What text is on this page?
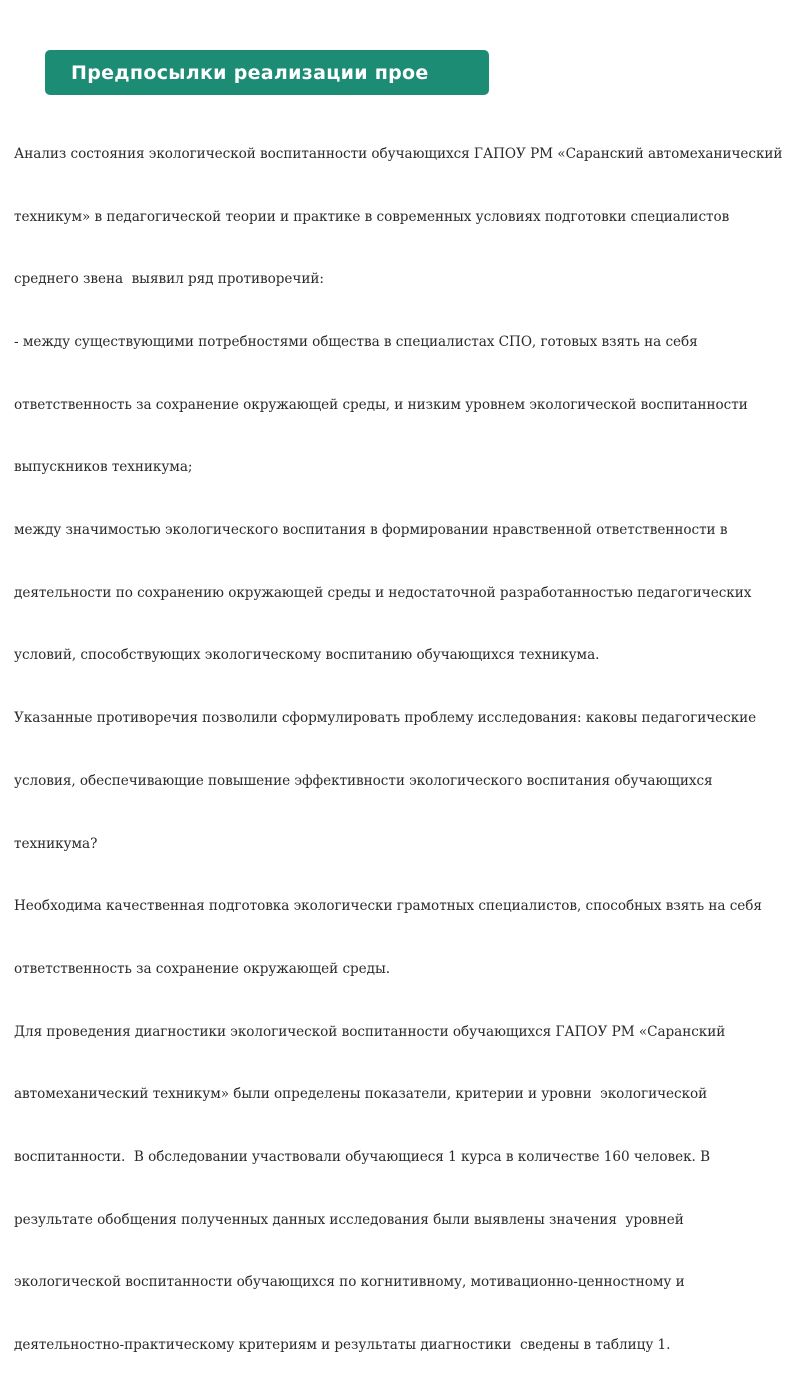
Предпосылки реализации прое

Анализ состояния экологической воспитанности обучающихся ГАПОУ РМ «Саранский автомеханический

техникум» в педагогической теории и практике в современных условиях подготовки специалистов

среднего звена  выявил ряд противоречий:

- между существующими потребностями общества в специалистах СПО, готовых взять на себя

ответственность за сохранение окружающей среды, и низким уровнем экологической воспитанности

выпускников техникума;

между значимостью экологического воспитания в формировании нравственной ответственности в

деятельности по сохранению окружающей среды и недостаточной разработанностью педагогических

условий, способствующих экологическому воспитанию обучающихся техникума.

Указанные противоречия позволили сформулировать проблему исследования: каковы педагогические

условия, обеспечивающие повышение эффективности экологического воспитания обучающихся

техникума?

Необходима качественная подготовка экологически грамотных специалистов, способных взять на себя

ответственность за сохранение окружающей среды.

Для проведения диагностики экологической воспитанности обучающихся ГАПОУ РМ «Саранский

автомеханический техникум» были определены показатели, критерии и уровни  экологической

воспитанности.  В обследовании участвовали обучающиеся 1 курса в количестве 160 человек. В

результате обобщения полученных данных исследования были выявлены значения  уровней

экологической воспитанности обучающихся по когнитивному, мотивационно-ценностному и

деятельностно-практическому критериям и результаты диагностики  сведены в таблицу 1.
